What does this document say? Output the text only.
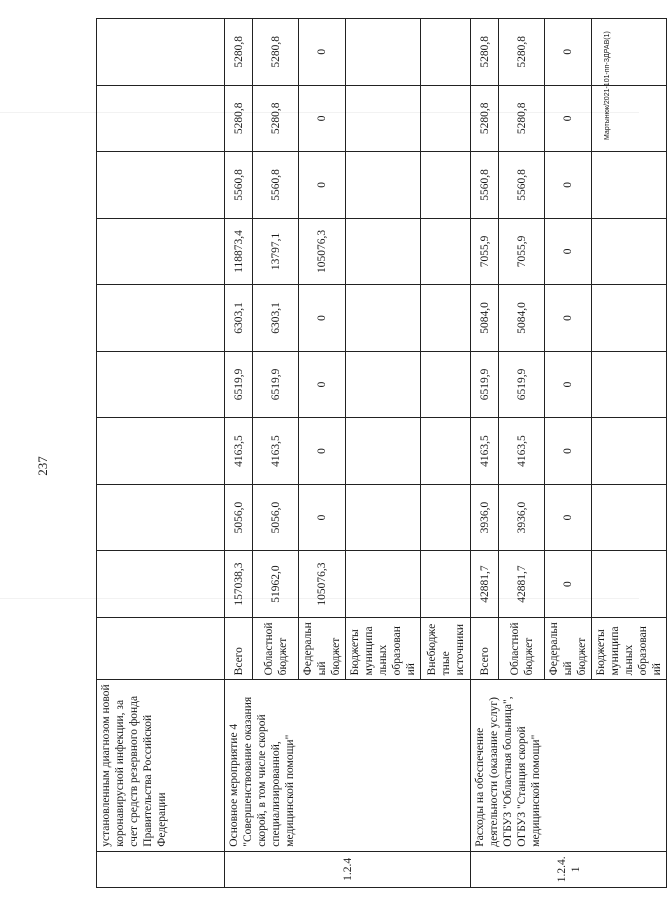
237
Мартынюк/2021-101-пп-ЗДРАВ(1)
	установленным диагнозом новой коронавирусной инфекции, за счет средств резервного фонда Правительства Российской Федерации										
1.2.4	Основное мероприятие 4 "Совершенствование оказания скорой, в том числе скорой специализированной, медицинской помощи"	Всего	157038,3	5056,0	4163,5	6519,9	6303,1	118873,4	5560,8	5280,8	5280,8
		Областной бюджет	51962,0	5056,0	4163,5	6519,9	6303,1	13797,1	5560,8	5280,8	5280,8
		Федеральный бюджет	105076,3	0	0	0	0	105076,3	0	0	0
		Бюджеты муниципальных образований									
		Внебюджетные источники									
1.2.4.1	Расходы на обеспечение деятельности (оказание услуг) ОГБУЗ "Областная больница", ОГБУЗ "Станция скорой медицинской помощи"	Всего	42881,7	3936,0	4163,5	6519,9	5084,0	7055,9	5560,8	5280,8	5280,8
		Областной бюджет	42881,7	3936,0	4163,5	6519,9	5084,0	7055,9	5560,8	5280,8	5280,8
		Федеральный бюджет	0	0	0	0	0	0	0	0	0
		Бюджеты муниципальных образований									
